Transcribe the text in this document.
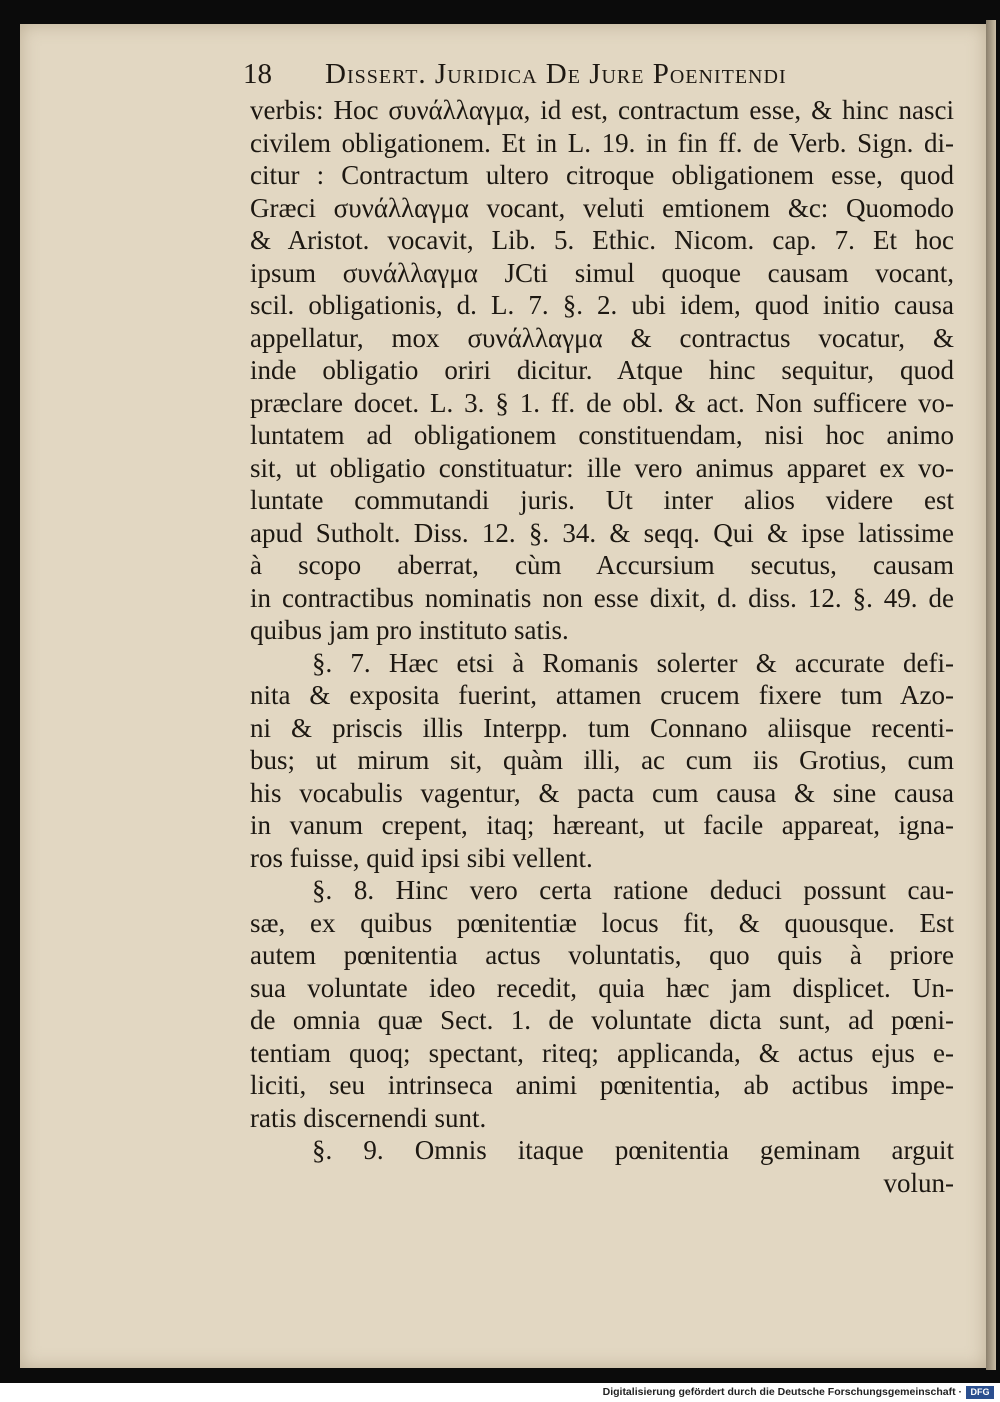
18 Dissert. Juridica De Jure Poenitendi
verbis: Hoc συνάλλαγμα, id est, contractum esse, & hinc nasci
civilem obligationem. Et in L. 19. in fin ff. de Verb. Sign. di-
citur : Contractum ultero citroque obligationem esse, quod
Græci συνάλλαγμα vocant, veluti emtionem &c: Quomodo
& Aristot. vocavit, Lib. 5. Ethic. Nicom. cap. 7. Et hoc
ipsum συνάλλαγμα JCti simul quoque causam vocant,
scil. obligationis, d. L. 7. §. 2. ubi idem, quod initio causa
appellatur, mox συνάλλαγμα & contractus vocatur, &
inde obligatio oriri dicitur. Atque hinc sequitur, quod
præclare docet. L. 3. § 1. ff. de obl. & act. Non sufficere vo-
luntatem ad obligationem constituendam, nisi hoc animo
sit, ut obligatio constituatur: ille vero animus apparet ex vo-
luntate commutandi juris. Ut inter alios videre est
apud Sutholt. Diss. 12. §. 34. & seqq. Qui & ipse latissime
à scopo aberrat, cùm Accursium secutus, causam
in contractibus nominatis non esse dixit, d. diss. 12. §. 49. de
quibus jam pro instituto satis.
§. 7. Hæc etsi à Romanis solerter & accurate defi-
nita & exposita fuerint, attamen crucem fixere tum Azo-
ni & priscis illis Interpp. tum Connano aliisque recenti-
bus; ut mirum sit, quàm illi, ac cum iis Grotius, cum
his vocabulis vagentur, & pacta cum causa & sine causa
in vanum crepent, itaq; hæreant, ut facile appareat, igna-
ros fuisse, quid ipsi sibi vellent.
§. 8. Hinc vero certa ratione deduci possunt cau-
sæ, ex quibus pœnitentiæ locus fit, & quousque. Est
autem pœnitentia actus voluntatis, quo quis à priore
sua voluntate ideo recedit, quia hæc jam displicet. Un-
de omnia quæ Sect. 1. de voluntate dicta sunt, ad pœni-
tentiam quoq; spectant, riteq; applicanda, & actus ejus e-
liciti, seu intrinseca animi pœnitentia, ab actibus impe-
ratis discernendi sunt.
§. 9. Omnis itaque pœnitentia geminam arguit
volun-
Digitalisierung gefördert durch die Deutsche Forschungsgemeinschaft · DFG
